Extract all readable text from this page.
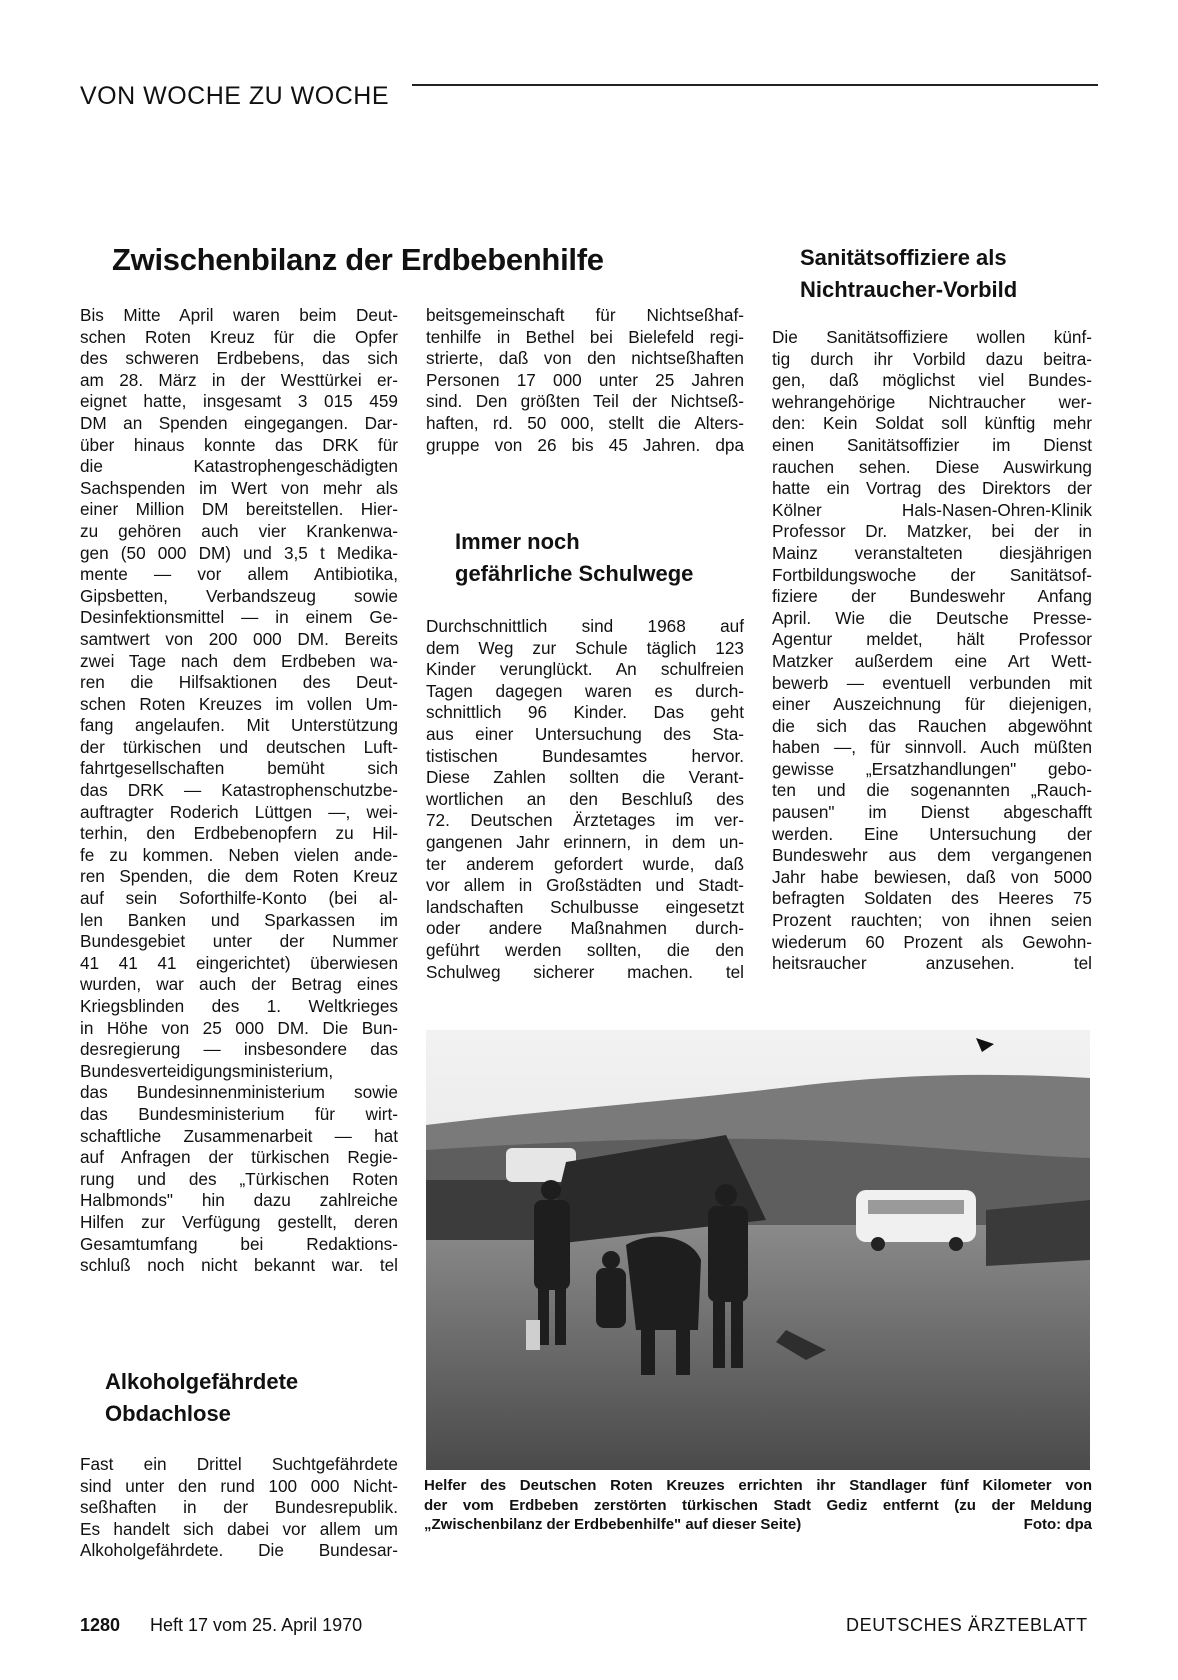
VON WOCHE ZU WOCHE
Zwischenbilanz der Erdbebenhilfe
Bis Mitte April waren beim Deut-
schen Roten Kreuz für die Opfer
des schweren Erdbebens, das sich
am 28. März in der Westtürkei er-
eignet hatte, insgesamt 3 015 459
DM an Spenden eingegangen. Dar-
über hinaus konnte das DRK für
die Katastrophengeschädigten
Sachspenden im Wert von mehr als
einer Million DM bereitstellen. Hier-
zu gehören auch vier Krankenwa-
gen (50 000 DM) und 3,5 t Medika-
mente — vor allem Antibiotika,
Gipsbetten, Verbandszeug sowie
Desinfektionsmittel — in einem Ge-
samtwert von 200 000 DM. Bereits
zwei Tage nach dem Erdbeben wa-
ren die Hilfsaktionen des Deut-
schen Roten Kreuzes im vollen Um-
fang angelaufen. Mit Unterstützung
der türkischen und deutschen Luft-
fahrtgesellschaften bemüht sich
das DRK — Katastrophenschutzbe-
auftragter Roderich Lüttgen —, wei-
terhin, den Erdbebenopfern zu Hil-
fe zu kommen. Neben vielen ande-
ren Spenden, die dem Roten Kreuz
auf sein Soforthilfe-Konto (bei al-
len Banken und Sparkassen im
Bundesgebiet unter der Nummer
41 41 41 eingerichtet) überwiesen
wurden, war auch der Betrag eines
Kriegsblinden des 1. Weltkrieges
in Höhe von 25 000 DM. Die Bun-
desregierung — insbesondere das
Bundesverteidigungsministerium,
das Bundesinnenministerium sowie
das Bundesministerium für wirt-
schaftliche Zusammenarbeit — hat
auf Anfragen der türkischen Regie-
rung und des „Türkischen Roten
Halbmonds" hin dazu zahlreiche
Hilfen zur Verfügung gestellt, deren
Gesamtumfang bei Redaktions-
schluß noch nicht bekannt war. tel
Alkoholgefährdete
Obdachlose
Fast ein Drittel Suchtgefährdete
sind unter den rund 100 000 Nicht-
seßhaften in der Bundesrepublik.
Es handelt sich dabei vor allem um
Alkoholgefährdete. Die Bundesar-
beitsgemeinschaft für Nichtseßhaf-
tenhilfe in Bethel bei Bielefeld regi-
strierte, daß von den nichtseßhaften
Personen 17 000 unter 25 Jahren
sind. Den größten Teil der Nichtseß-
haften, rd. 50 000, stellt die Alters-
gruppe von 26 bis 45 Jahren. dpa
Immer noch
gefährliche Schulwege
Durchschnittlich sind 1968 auf
dem Weg zur Schule täglich 123
Kinder verunglückt. An schulfreien
Tagen dagegen waren es durch-
schnittlich 96 Kinder. Das geht
aus einer Untersuchung des Sta-
tistischen Bundesamtes hervor.
Diese Zahlen sollten die Verant-
wortlichen an den Beschluß des
72. Deutschen Ärztetages im ver-
gangenen Jahr erinnern, in dem un-
ter anderem gefordert wurde, daß
vor allem in Großstädten und Stadt-
landschaften Schulbusse eingesetzt
oder andere Maßnahmen durch-
geführt werden sollten, die den
Schulweg sicherer machen. tel
Sanitätsoffiziere als
Nichtraucher-Vorbild
Die Sanitätsoffiziere wollen künf-
tig durch ihr Vorbild dazu beitra-
gen, daß möglichst viel Bundes-
wehrangehörige Nichtraucher wer-
den: Kein Soldat soll künftig mehr
einen Sanitätsoffizier im Dienst
rauchen sehen. Diese Auswirkung
hatte ein Vortrag des Direktors der
Kölner Hals-Nasen-Ohren-Klinik
Professor Dr. Matzker, bei der in
Mainz veranstalteten diesjährigen
Fortbildungswoche der Sanitätsof-
fiziere der Bundeswehr Anfang
April. Wie die Deutsche Presse-
Agentur meldet, hält Professor
Matzker außerdem eine Art Wett-
bewerb — eventuell verbunden mit
einer Auszeichnung für diejenigen,
die sich das Rauchen abgewöhnt
haben —, für sinnvoll. Auch müßten
gewisse „Ersatzhandlungen" gebo-
ten und die sogenannten „Rauch-
pausen" im Dienst abgeschafft
werden. Eine Untersuchung der
Bundeswehr aus dem vergangenen
Jahr habe bewiesen, daß von 5000
befragten Soldaten des Heeres 75
Prozent rauchten; von ihnen seien
wiederum 60 Prozent als Gewohn-
heitsraucher anzusehen. tel
Helfer des Deutschen Roten Kreuzes errichten ihr Standlager fünf Kilometer von
der vom Erdbeben zerstörten türkischen Stadt Gediz entfernt (zu der Meldung
„Zwischenbilanz der Erdbebenhilfe" auf dieser Seite)	Foto: dpa
1280 Heft 17 vom 25. April 1970	DEUTSCHES ÄRZTEBLATT
